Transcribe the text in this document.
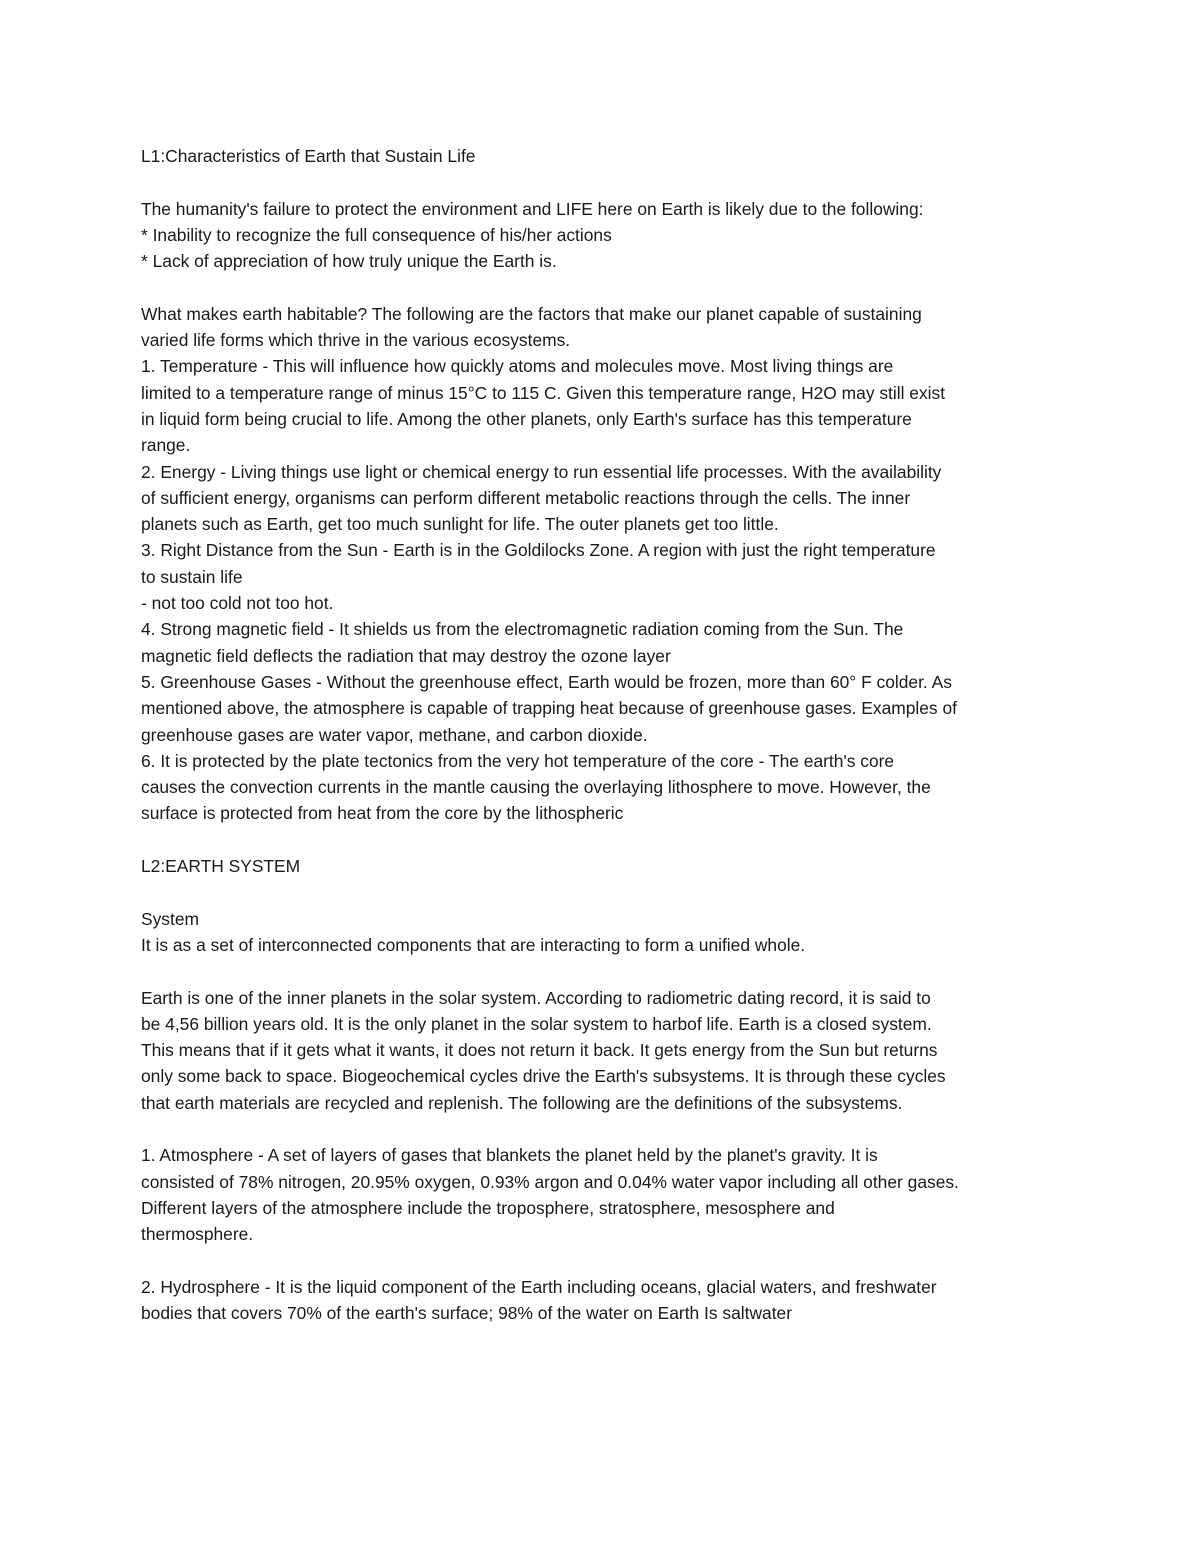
L1:Characteristics of Earth that Sustain Life
The humanity's failure to protect the environment and LIFE here on Earth is likely due to the following:
* Inability to recognize the full consequence of his/her actions
* Lack of appreciation of how truly unique the Earth is.
What makes earth habitable? The following are the factors that make our planet capable of sustaining
varied life forms which thrive in the various ecosystems.
1. Temperature - This will influence how quickly atoms and molecules move. Most living things are
limited to a temperature range of minus 15°C to 115 C. Given this temperature range, H2O may still exist
in liquid form being crucial to life. Among the other planets, only Earth's surface has this temperature
range.
2. Energy - Living things use light or chemical energy to run essential life processes. With the availability
of sufficient energy, organisms can perform different metabolic reactions through the cells. The inner
planets such as Earth, get too much sunlight for life. The outer planets get too little.
3. Right Distance from the Sun - Earth is in the Goldilocks Zone. A region with just the right temperature
to sustain life
- not too cold not too hot.
4. Strong magnetic field - It shields us from the electromagnetic radiation coming from the Sun. The
magnetic field deflects the radiation that may destroy the ozone layer
5. Greenhouse Gases - Without the greenhouse effect, Earth would be frozen, more than 60° F colder. As
mentioned above, the atmosphere is capable of trapping heat because of greenhouse gases. Examples of
greenhouse gases are water vapor, methane, and carbon dioxide.
6. It is protected by the plate tectonics from the very hot temperature of the core - The earth's core
causes the convection currents in the mantle causing the overlaying lithosphere to move. However, the
surface is protected from heat from the core by the lithospheric
L2:EARTH SYSTEM
System
It is as a set of interconnected components that are interacting to form a unified whole.
Earth is one of the inner planets in the solar system. According to radiometric dating record, it is said to
be 4,56 billion years old. It is the only planet in the solar system to harbof life. Earth is a closed system.
This means that if it gets what it wants, it does not return it back. It gets energy from the Sun but returns
only some back to space. Biogeochemical cycles drive the Earth's subsystems. It is through these cycles
that earth materials are recycled and replenish. The following are the definitions of the subsystems.
1. Atmosphere - A set of layers of gases that blankets the planet held by the planet's gravity. It is
consisted of 78% nitrogen, 20.95% oxygen, 0.93% argon and 0.04% water vapor including all other gases.
Different layers of the atmosphere include the troposphere, stratosphere, mesosphere and
thermosphere.
2. Hydrosphere - It is the liquid component of the Earth including oceans, glacial waters, and freshwater
bodies that covers 70% of the earth's surface; 98% of the water on Earth Is saltwater
